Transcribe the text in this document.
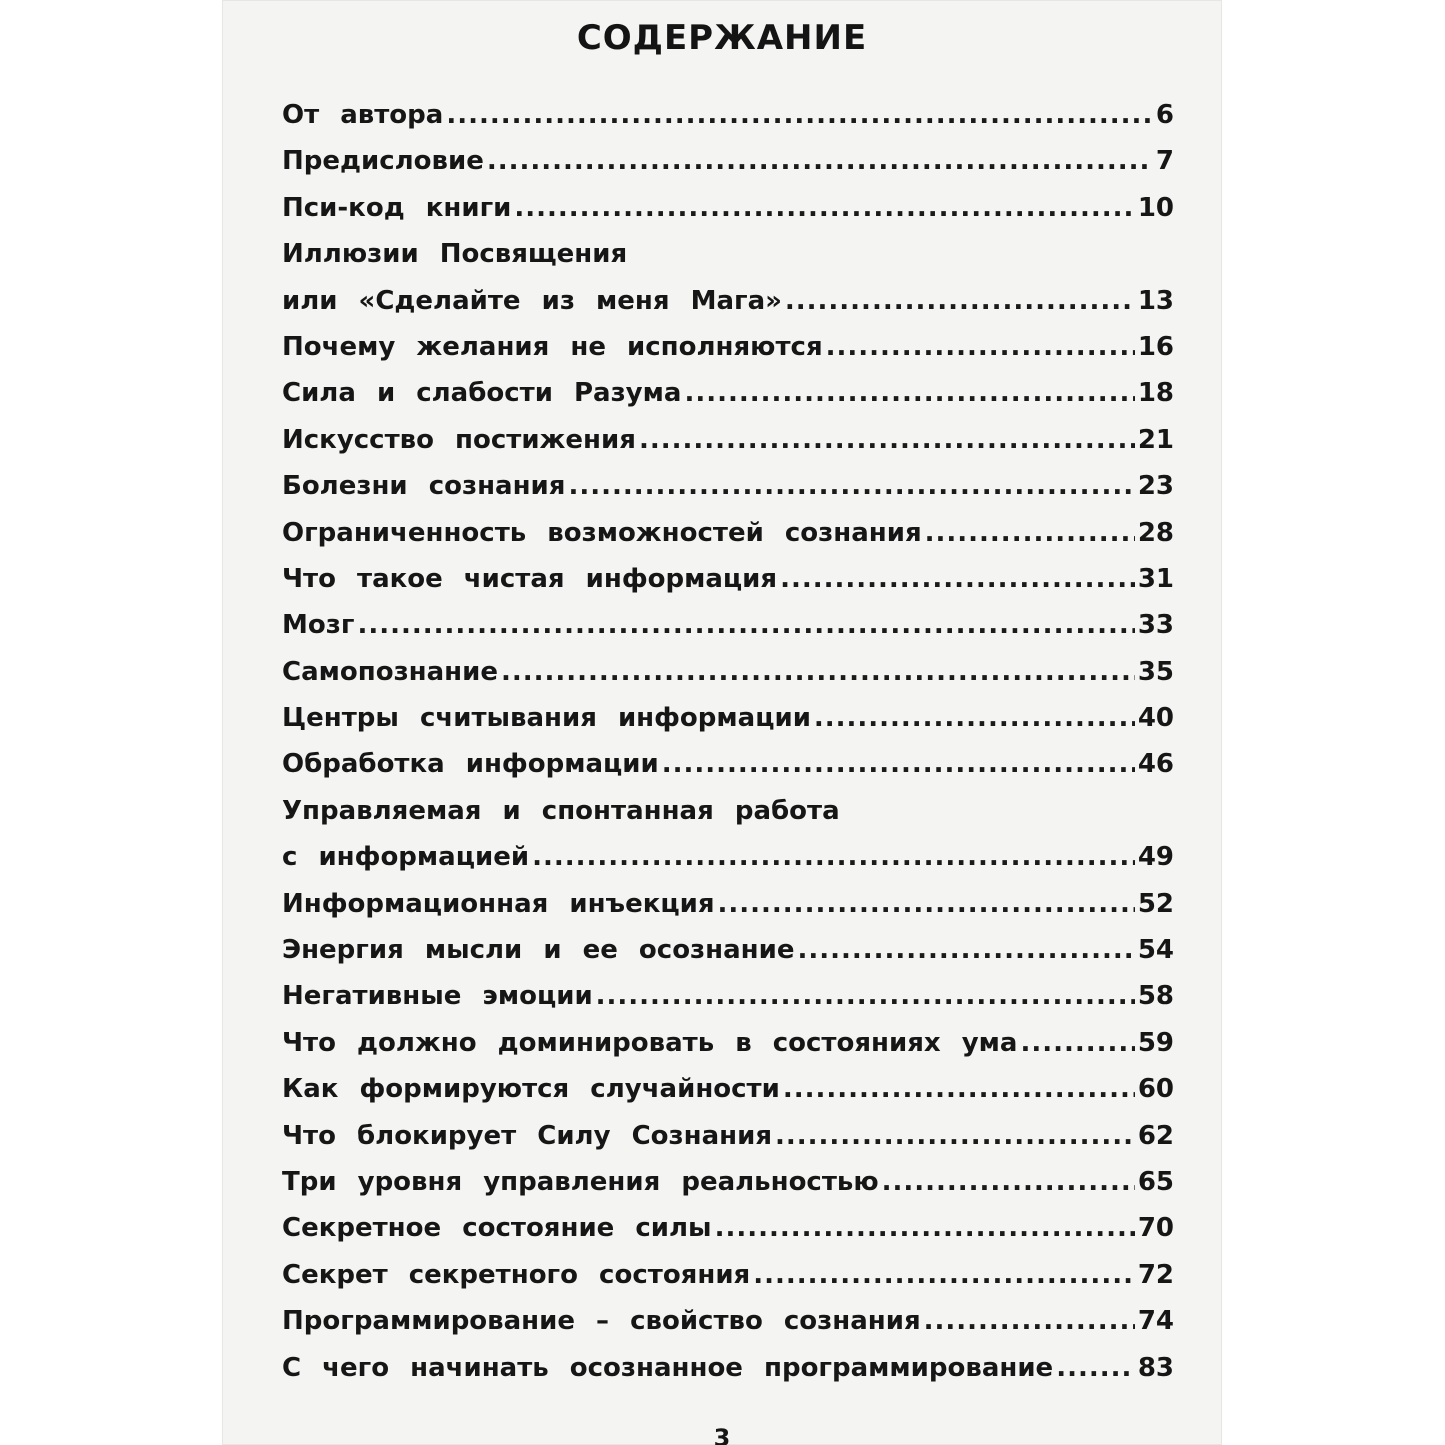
СОДЕРЖАНИЕ
От автора .....	6
Предисловие .....	7
Пси-код книги .....	10
Иллюзии Посвящения
или «Сделайте из меня Мага» .....	13
Почему желания не исполняются .....	16
Сила и слабости Разума .....	18
Искусство постижения .....	21
Болезни сознания .....	23
Ограниченность возможностей сознания .....	28
Что такое чистая информация .....	31
Мозг .....	33
Самопознание .....	35
Центры считывания информации .....	40
Обработка информации .....	46
Управляемая и спонтанная работа
с информацией .....	49
Информационная инъекция .....	52
Энергия мысли и ее осознание .....	54
Негативные эмоции .....	58
Что должно доминировать в состояниях ума .....	59
Как формируются случайности .....	60
Что блокирует Силу Сознания .....	62
Три уровня управления реальностью .....	65
Секретное состояние силы .....	70
Секрет секретного состояния .....	72
Программирование – свойство сознания .....	74
С чего начинать осознанное программирование .....	83
3
